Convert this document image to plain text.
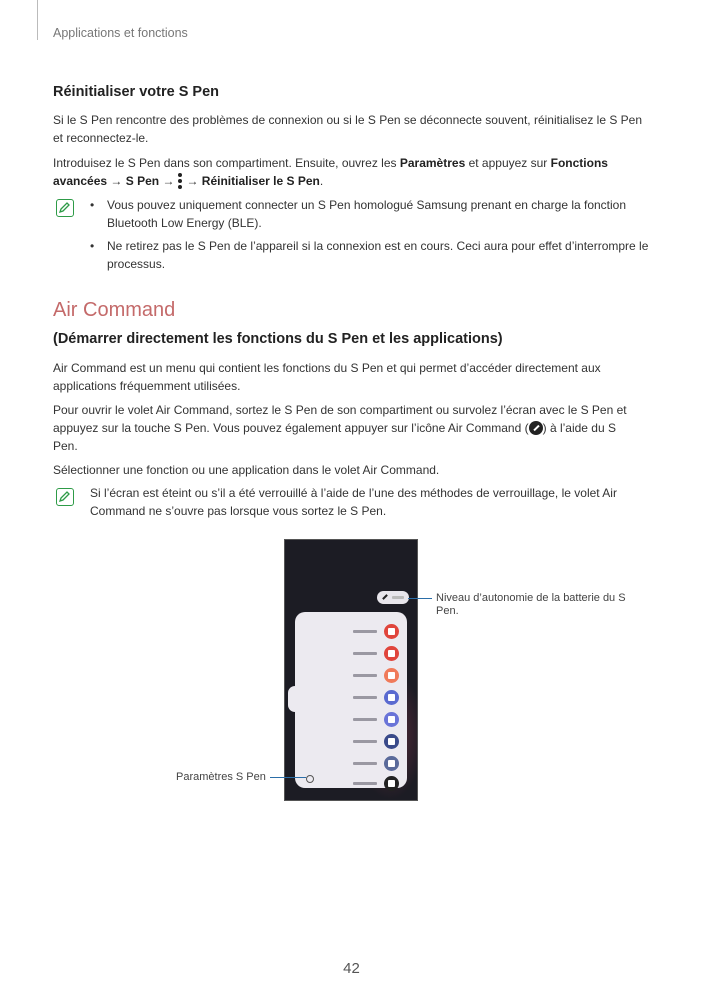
Applications et fonctions
Réinitialiser votre S Pen
Si le S Pen rencontre des problèmes de connexion ou si le S Pen se déconnecte souvent, réinitialisez le S Pen et reconnectez-le.
Introduisez le S Pen dans son compartiment. Ensuite, ouvrez les Paramètres et appuyez sur Fonctions avancées → S Pen → → Réinitialiser le S Pen.
• Vous pouvez uniquement connecter un S Pen homologué Samsung prenant en charge la fonction Bluetooth Low Energy (BLE).
• Ne retirez pas le S Pen de l’appareil si la connexion est en cours. Ceci aura pour effet d’interrompre le processus.
Air Command
(Démarrer directement les fonctions du S Pen et les applications)
Air Command est un menu qui contient les fonctions du S Pen et qui permet d’accéder directement aux applications fréquemment utilisées.
Pour ouvrir le volet Air Command, sortez le S Pen de son compartiment ou survolez l’écran avec le S Pen et appuyez sur la touche S Pen. Vous pouvez également appuyer sur l’icône Air Command ( ) à l’aide du S Pen.
Sélectionner une fonction ou une application dans le volet Air Command.
Si l’écran est éteint ou s’il a été verrouillé à l’aide de l’une des méthodes de verrouillage, le volet Air Command ne s’ouvre pas lorsque vous sortez le S Pen.
Niveau d’autonomie de la batterie du S Pen.
Paramètres S Pen
42
